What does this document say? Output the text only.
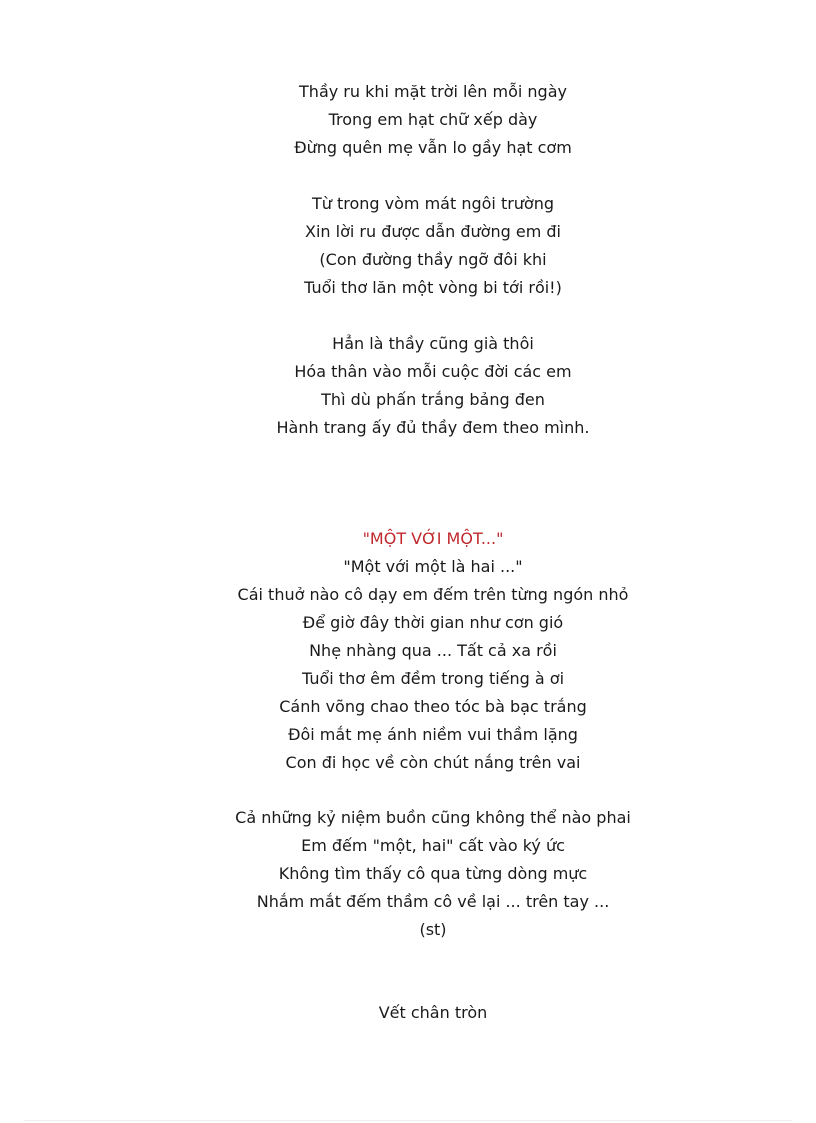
Thầy ru khi mặt trời lên mỗi ngày
Trong em hạt chữ xếp dày
Đừng quên mẹ vẫn lo gầy hạt cơm
Từ trong vòm mát ngôi trường
Xin lời ru được dẫn đường em đi
(Con đường thầy ngỡ đôi khi
Tuổi thơ lăn một vòng bi tới rồi!)
Hẳn là thầy cũng già thôi
Hóa thân vào mỗi cuộc đời các em
Thì dù phấn trắng bảng đen
Hành trang ấy đủ thầy đem theo mình.
"MỘT VỚI MỘT..."
"Một với một là hai ..."
Cái thuở nào cô dạy em đếm trên từng ngón nhỏ
Để giờ đây thời gian như cơn gió
Nhẹ nhàng qua ... Tất cả xa rồi
Tuổi thơ êm đềm trong tiếng à ơi
Cánh võng chao theo tóc bà bạc trắng
Đôi mắt mẹ ánh niềm vui thầm lặng
Con đi học về còn chút nắng trên vai
Cả những kỷ niệm buồn cũng không thể nào phai
Em đếm "một, hai" cất vào ký ức
Không tìm thấy cô qua từng dòng mực
Nhắm mắt đếm thầm cô về lại ... trên tay ...
(st)
Vết chân tròn
